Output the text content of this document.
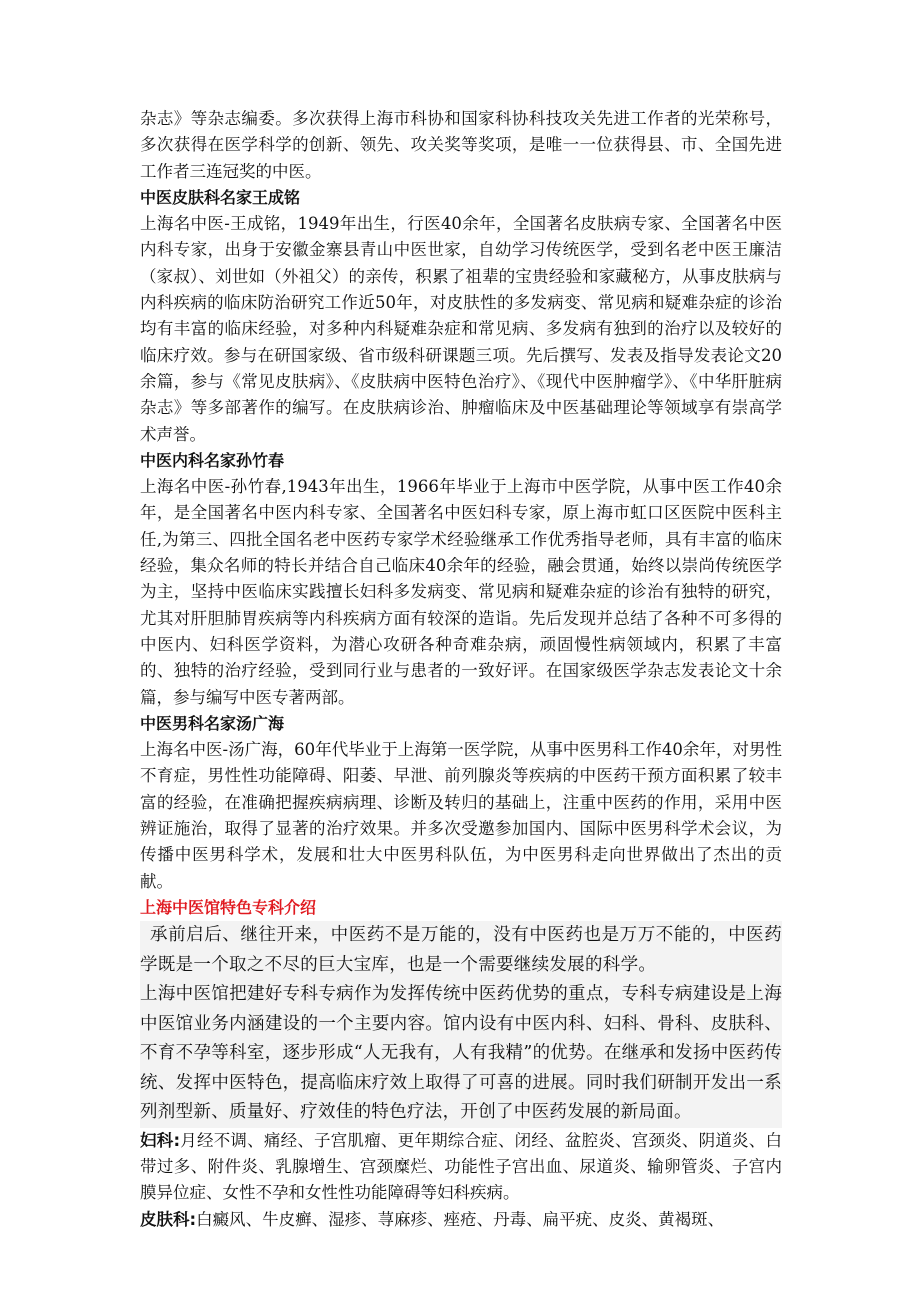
杂志》等杂志编委。多次获得上海市科协和国家科协科技攻关先进工作者的光荣称号，多次获得在医学科学的创新、领先、攻关奖等奖项，是唯一一位获得县、市、全国先进工作者三连冠奖的中医。

中医皮肤科名家王成铭

上海名中医-王成铭，1949年出生，行医40余年，全国著名皮肤病专家、全国著名中医内科专家，出身于安徽金寨县青山中医世家，自幼学习传统医学，受到名老中医王廉洁（家叔）、刘世如（外祖父）的亲传，积累了祖辈的宝贵经验和家藏秘方，从事皮肤病与内科疾病的临床防治研究工作近50年，对皮肤性的多发病变、常见病和疑难杂症的诊治均有丰富的临床经验，对多种内科疑难杂症和常见病、多发病有独到的治疗以及较好的临床疗效。参与在研国家级、省市级科研课题三项。先后撰写、发表及指导发表论文20余篇，参与《常见皮肤病》、《皮肤病中医特色治疗》、《现代中医肿瘤学》、《中华肝脏病杂志》等多部著作的编写。在皮肤病诊治、肿瘤临床及中医基础理论等领域享有崇高学术声誉。

中医内科名家孙竹春

上海名中医-孙竹春,1943年出生，1966年毕业于上海市中医学院，从事中医工作40余年，是全国著名中医内科专家、全国著名中医妇科专家，原上海市虹口区医院中医科主任,为第三、四批全国名老中医药专家学术经验继承工作优秀指导老师，具有丰富的临床经验，集众名师的特长并结合自己临床40余年的经验，融会贯通，始终以崇尚传统医学为主，坚持中医临床实践擅长妇科多发病变、常见病和疑难杂症的诊治有独特的研究，尤其对肝胆肺胃疾病等内科疾病方面有较深的造诣。先后发现并总结了各种不可多得的中医内、妇科医学资料，为潜心攻研各种奇难杂病，顽固慢性病领域内，积累了丰富的、独特的治疗经验，受到同行业与患者的一致好评。在国家级医学杂志发表论文十余篇，参与编写中医专著两部。

中医男科名家汤广海

上海名中医-汤广海，60年代毕业于上海第一医学院，从事中医男科工作40余年，对男性不育症，男性性功能障碍、阳萎、早泄、前列腺炎等疾病的中医药干预方面积累了较丰富的经验，在准确把握疾病病理、诊断及转归的基础上，注重中医药的作用，采用中医辨证施治，取得了显著的治疗效果。并多次受邀参加国内、国际中医男科学术会议，为传播中医男科学术，发展和壮大中医男科队伍，为中医男科走向世界做出了杰出的贡献。

上海中医馆特色专科介绍

承前启后、继往开来，中医药不是万能的，没有中医药也是万万不能的，中医药学既是一个取之不尽的巨大宝库，也是一个需要继续发展的科学。

上海中医馆把建好专科专病作为发挥传统中医药优势的重点，专科专病建设是上海中医馆业务内涵建设的一个主要内容。馆内设有中医内科、妇科、骨科、皮肤科、不育不孕等科室，逐步形成“人无我有，人有我精”的优势。在继承和发扬中医药传统、发挥中医特色，提高临床疗效上取得了可喜的进展。同时我们研制开发出一系列剂型新、质量好、疗效佳的特色疗法，开创了中医药发展的新局面。

妇科:月经不调、痛经、子宫肌瘤、更年期综合症、闭经、盆腔炎、宫颈炎、阴道炎、白带过多、附件炎、乳腺增生、宫颈糜烂、功能性子宫出血、尿道炎、输卵管炎、子宫内膜异位症、女性不孕和女性性功能障碍等妇科疾病。

皮肤科:白癜风、牛皮癣、湿疹、荨麻疹、痤疮、丹毒、扁平疣、皮炎、黄褐斑、
